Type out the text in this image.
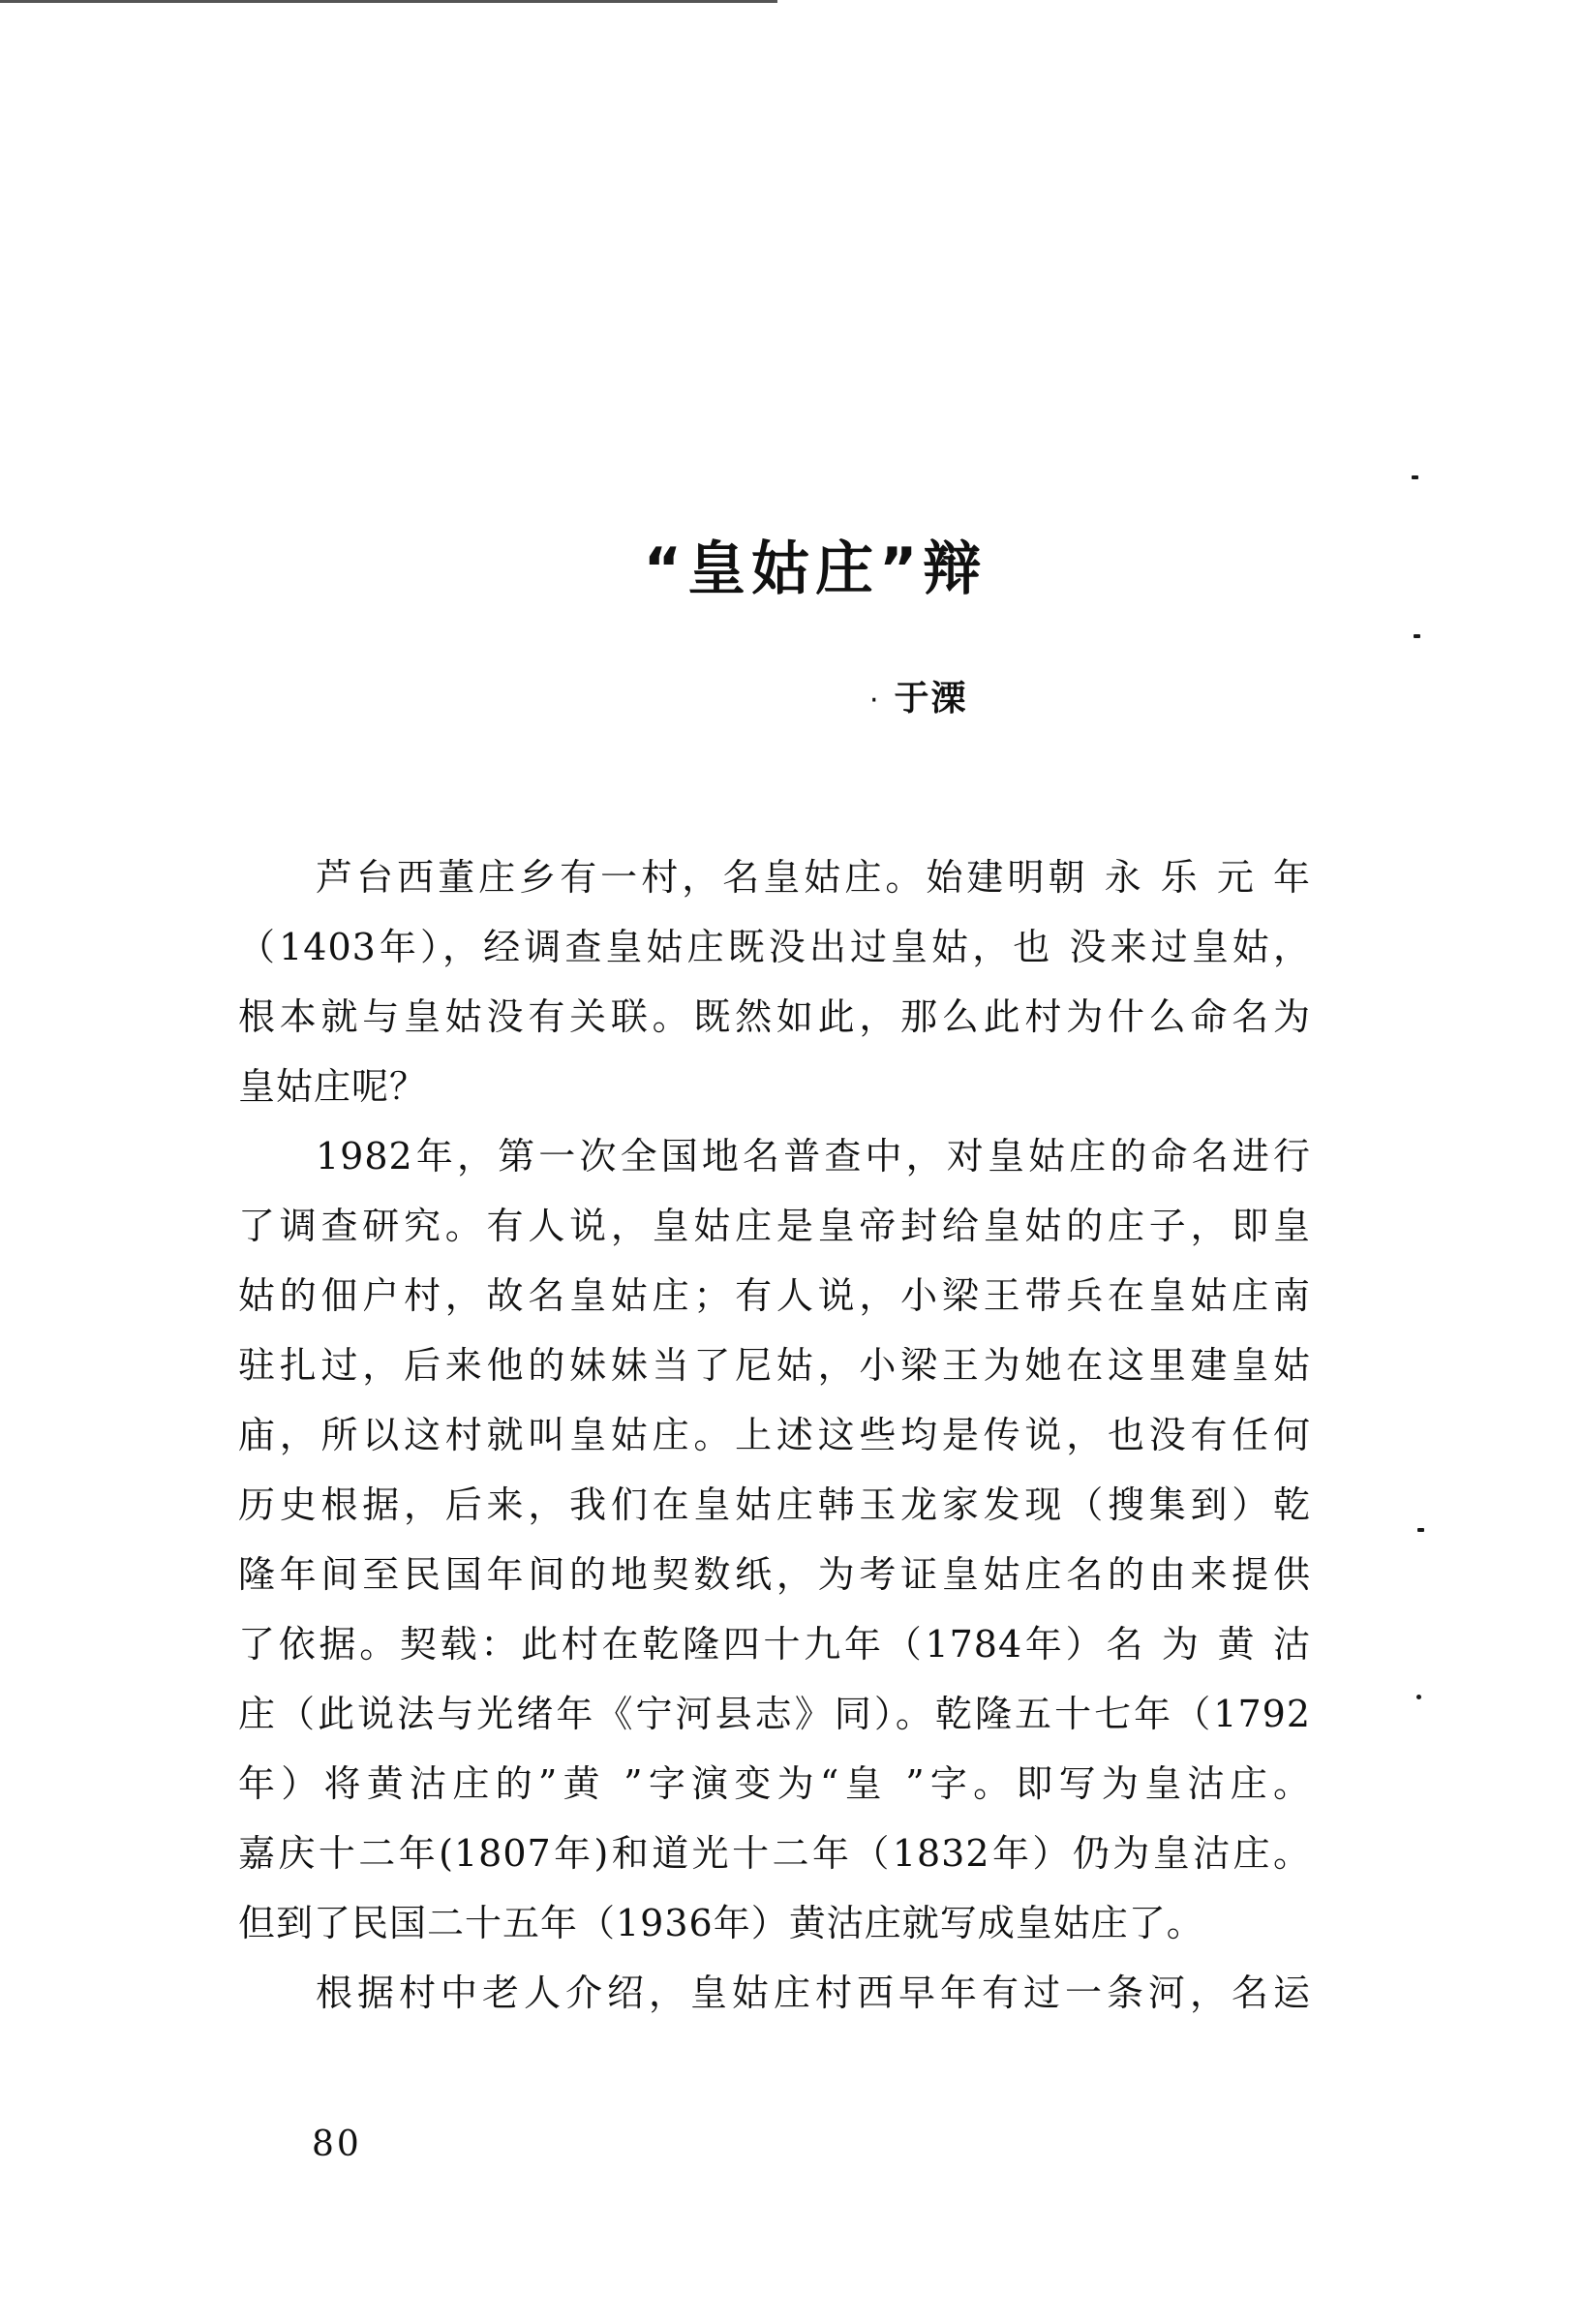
“皇姑庄”辩
· 于溧
芦台西董庄乡有一村，名皇姑庄。始建明朝 永 乐 元 年
（1403年），经调查皇姑庄既没出过皇姑，也 没来过皇姑，
根本就与皇姑没有关联。既然如此，那么此村为什么命名为
皇姑庄呢？
1982年，第一次全国地名普查中，对皇姑庄的命名进行
了调查研究。有人说，皇姑庄是皇帝封给皇姑的庄子，即皇
姑的佃户村，故名皇姑庄；有人说，小梁王带兵在皇姑庄南
驻扎过，后来他的妹妹当了尼姑，小梁王为她在这里建皇姑
庙，所以这村就叫皇姑庄。上述这些均是传说，也没有任何
历史根据，后来，我们在皇姑庄韩玉龙家发现（搜集到）乾
隆年间至民国年间的地契数纸，为考证皇姑庄名的由来提供
了依据。契载：此村在乾隆四十九年（1784年）名 为 黄 沽
庄（此说法与光绪年《宁河县志》同）。乾隆五十七年（1792
年）将黄沽庄的”黄 ”字演变为“皇 ”字。即写为皇沽庄。
嘉庆十二年(1807年)和道光十二年（1832年）仍为皇沽庄。
但到了民国二十五年（1936年）黄沽庄就写成皇姑庄了。
根据村中老人介绍，皇姑庄村西早年有过一条河，名运
80
